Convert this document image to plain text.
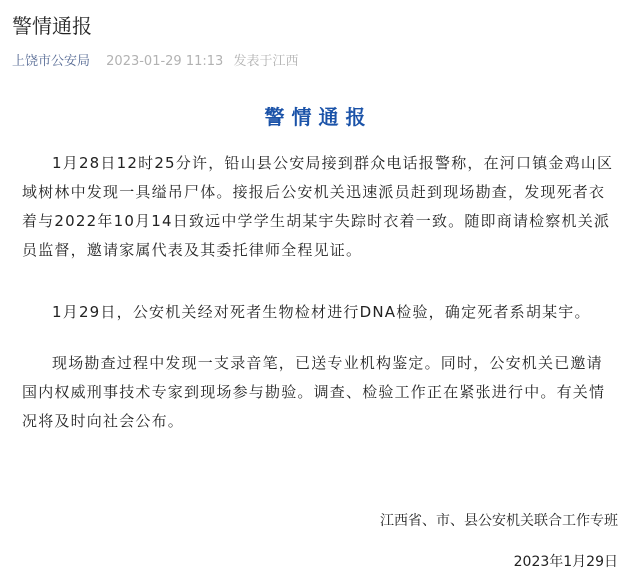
警情通报
上饶市公安局 2023-01-29 11:13 发表于江西
警情通报

1月28日12时25分许，铅山县公安局接到群众电话报警称，在河口镇金鸡山区域树林中发现一具缢吊尸体。接报后公安机关迅速派员赶到现场勘查，发现死者衣着与2022年10月14日致远中学学生胡某宇失踪时衣着一致。随即商请检察机关派员监督，邀请家属代表及其委托律师全程见证。

1月29日，公安机关经对死者生物检材进行DNA检验，确定死者系胡某宇。

现场勘查过程中发现一支录音笔，已送专业机构鉴定。同时，公安机关已邀请国内权威刑事技术专家到现场参与勘验。调查、检验工作正在紧张进行中。有关情况将及时向社会公布。

江西省、市、县公安机关联合工作专班
2023年1月29日
